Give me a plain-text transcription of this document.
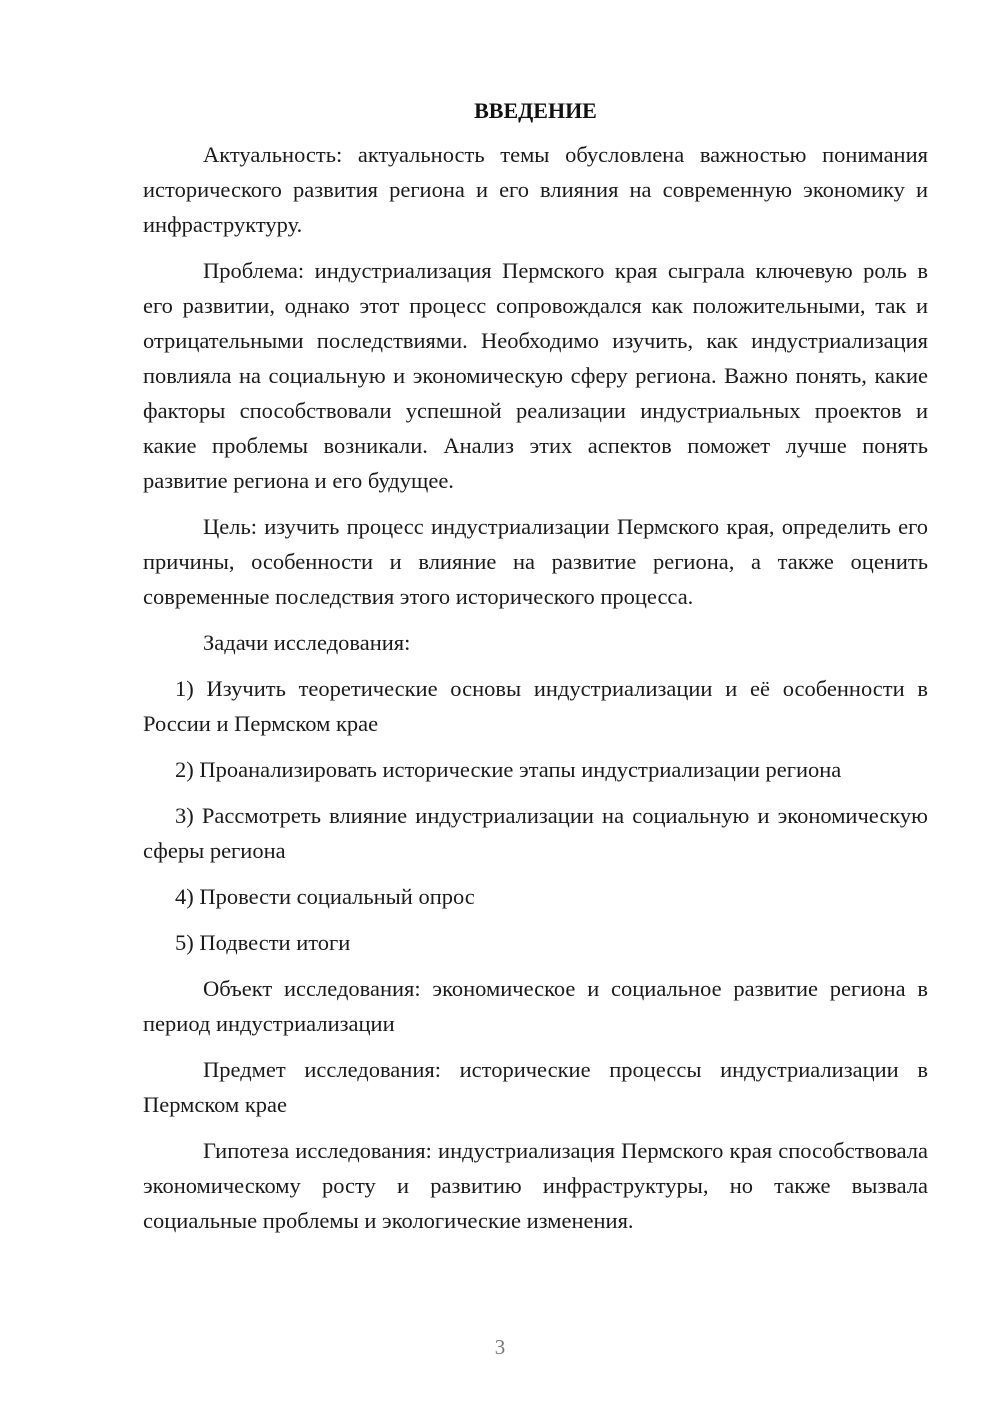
ВВЕДЕНИЕ

Актуальность: актуальность темы обусловлена важностью понимания исторического развития региона и его влияния на современную экономику и инфраструктуру.

Проблема: индустриализация Пермского края сыграла ключевую роль в его развитии, однако этот процесс сопровождался как положительными, так и отрицательными последствиями. Необходимо изучить, как индустриализация повлияла на социальную и экономическую сферу региона. Важно понять, какие факторы способствовали успешной реализации индустриальных проектов и какие проблемы возникали. Анализ этих аспектов поможет лучше понять развитие региона и его будущее.

Цель: изучить процесс индустриализации Пермского края, определить его причины, особенности и влияние на развитие региона, а также оценить современные последствия этого исторического процесса.

Задачи исследования:

1) Изучить теоретические основы индустриализации и её особенности в России и Пермском крае

2) Проанализировать исторические этапы индустриализации региона

3) Рассмотреть влияние индустриализации на социальную и экономическую сферы региона

4) Провести социальный опрос

5) Подвести итоги

Объект исследования: экономическое и социальное развитие региона в период индустриализации

Предмет исследования: исторические процессы индустриализации в Пермском крае

Гипотеза исследования: индустриализация Пермского края способствовала экономическому росту и развитию инфраструктуры, но также вызвала социальные проблемы и экологические изменения.

3
